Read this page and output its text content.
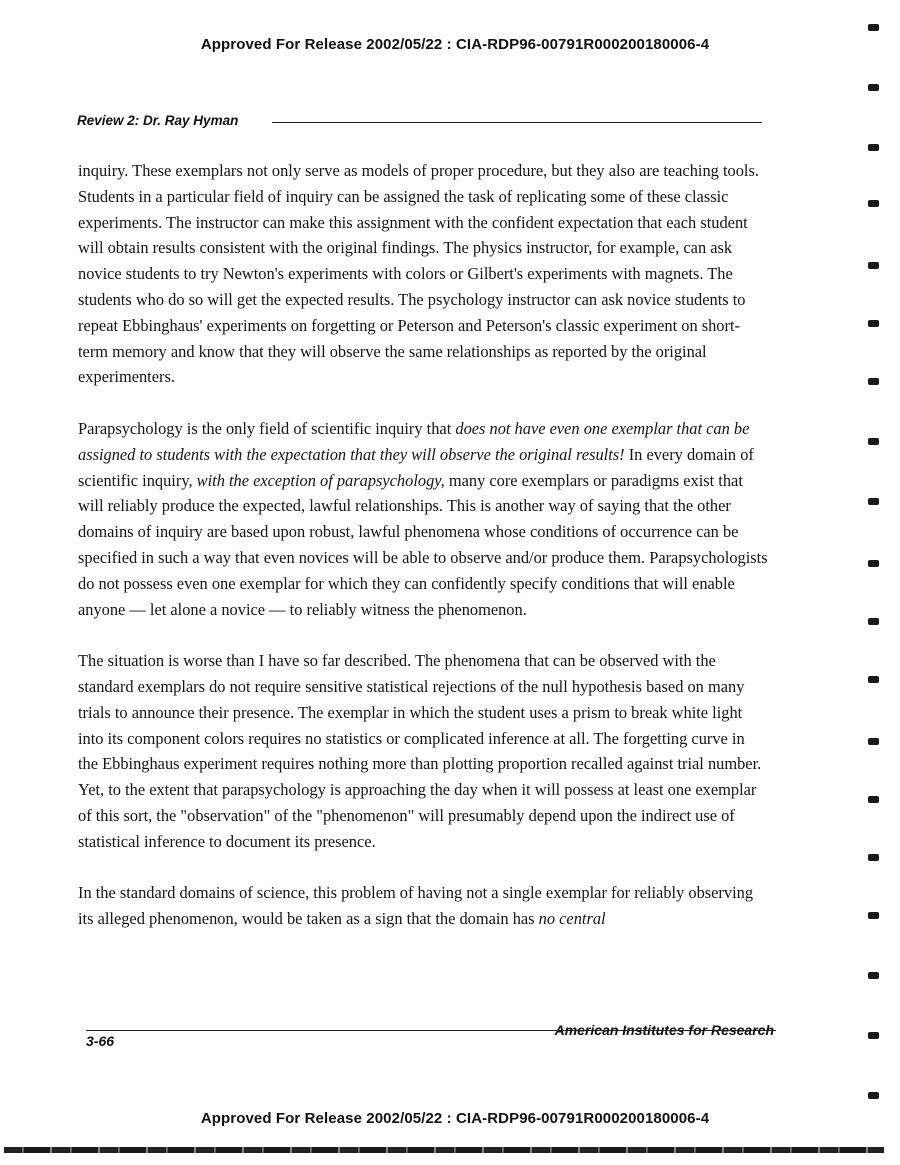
Approved For Release 2002/05/22 : CIA-RDP96-00791R000200180006-4
Review 2: Dr. Ray Hyman

inquiry. These exemplars not only serve as models of proper procedure, but they also are teaching tools. Students in a particular field of inquiry can be assigned the task of replicating some of these classic experiments. The instructor can make this assignment with the confident expectation that each student will obtain results consistent with the original findings. The physics instructor, for example, can ask novice students to try Newton's experiments with colors or Gilbert's experiments with magnets. The students who do so will get the expected results. The psychology instructor can ask novice students to repeat Ebbinghaus' experiments on forgetting or Peterson and Peterson's classic experiment on short-term memory and know that they will observe the same relationships as reported by the original experimenters.

Parapsychology is the only field of scientific inquiry that does not have even one exemplar that can be assigned to students with the expectation that they will observe the original results! In every domain of scientific inquiry, with the exception of parapsychology, many core exemplars or paradigms exist that will reliably produce the expected, lawful relationships. This is another way of saying that the other domains of inquiry are based upon robust, lawful phenomena whose conditions of occurrence can be specified in such a way that even novices will be able to observe and/or produce them. Parapsychologists do not possess even one exemplar for which they can confidently specify conditions that will enable anyone — let alone a novice — to reliably witness the phenomenon.

The situation is worse than I have so far described. The phenomena that can be observed with the standard exemplars do not require sensitive statistical rejections of the null hypothesis based on many trials to announce their presence. The exemplar in which the student uses a prism to break white light into its component colors requires no statistics or complicated inference at all. The forgetting curve in the Ebbinghaus experiment requires nothing more than plotting proportion recalled against trial number. Yet, to the extent that parapsychology is approaching the day when it will possess at least one exemplar of this sort, the "observation" of the "phenomenon" will presumably depend upon the indirect use of statistical inference to document its presence.

In the standard domains of science, this problem of having not a single exemplar for reliably observing its alleged phenomenon, would be taken as a sign that the domain has no central

American Institutes for Research
3-66
Approved For Release 2002/05/22 : CIA-RDP96-00791R000200180006-4
